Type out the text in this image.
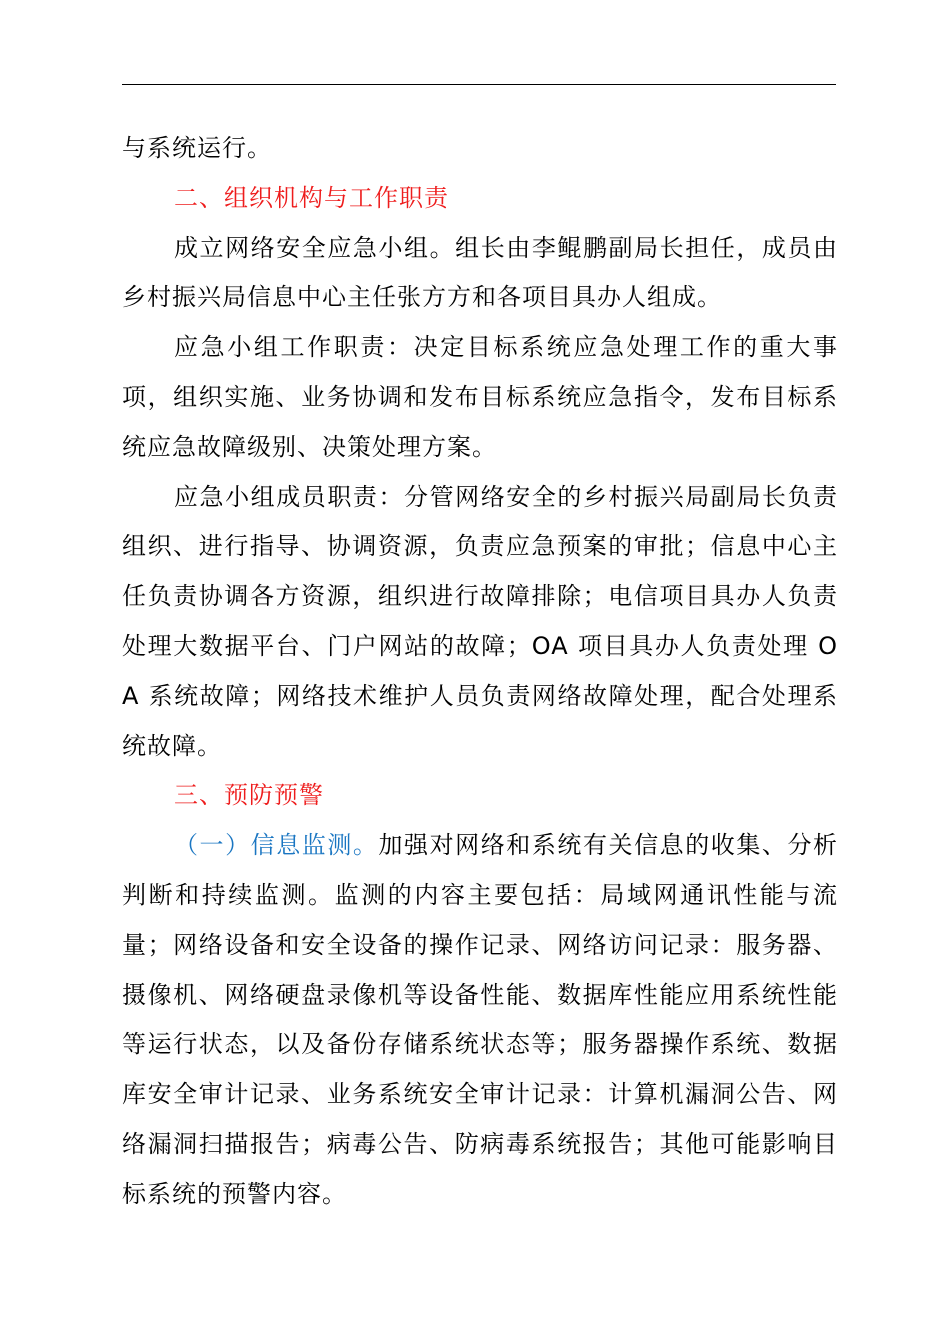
与系统运行。

二、组织机构与工作职责

成立网络安全应急小组。组长由李鲲鹏副局长担任，成员由乡村振兴局信息中心主任张方方和各项目具办人组成。

应急小组工作职责：决定目标系统应急处理工作的重大事项，组织实施、业务协调和发布目标系统应急指令，发布目标系统应急故障级别、决策处理方案。

应急小组成员职责：分管网络安全的乡村振兴局副局长负责组织、进行指导、协调资源，负责应急预案的审批；信息中心主任负责协调各方资源，组织进行故障排除；电信项目具办人负责处理大数据平台、门户网站的故障；OA 项目具办人负责处理 OA 系统故障；网络技术维护人员负责网络故障处理，配合处理系统故障。

三、预防预警

（一）信息监测。加强对网络和系统有关信息的收集、分析判断和持续监测。监测的内容主要包括：局域网通讯性能与流量；网络设备和安全设备的操作记录、网络访问记录：服务器、摄像机、网络硬盘录像机等设备性能、数据库性能应用系统性能等运行状态，以及备份存储系统状态等；服务器操作系统、数据库安全审计记录、业务系统安全审计记录：计算机漏洞公告、网络漏洞扫描报告；病毒公告、防病毒系统报告；其他可能影响目标系统的预警内容。
